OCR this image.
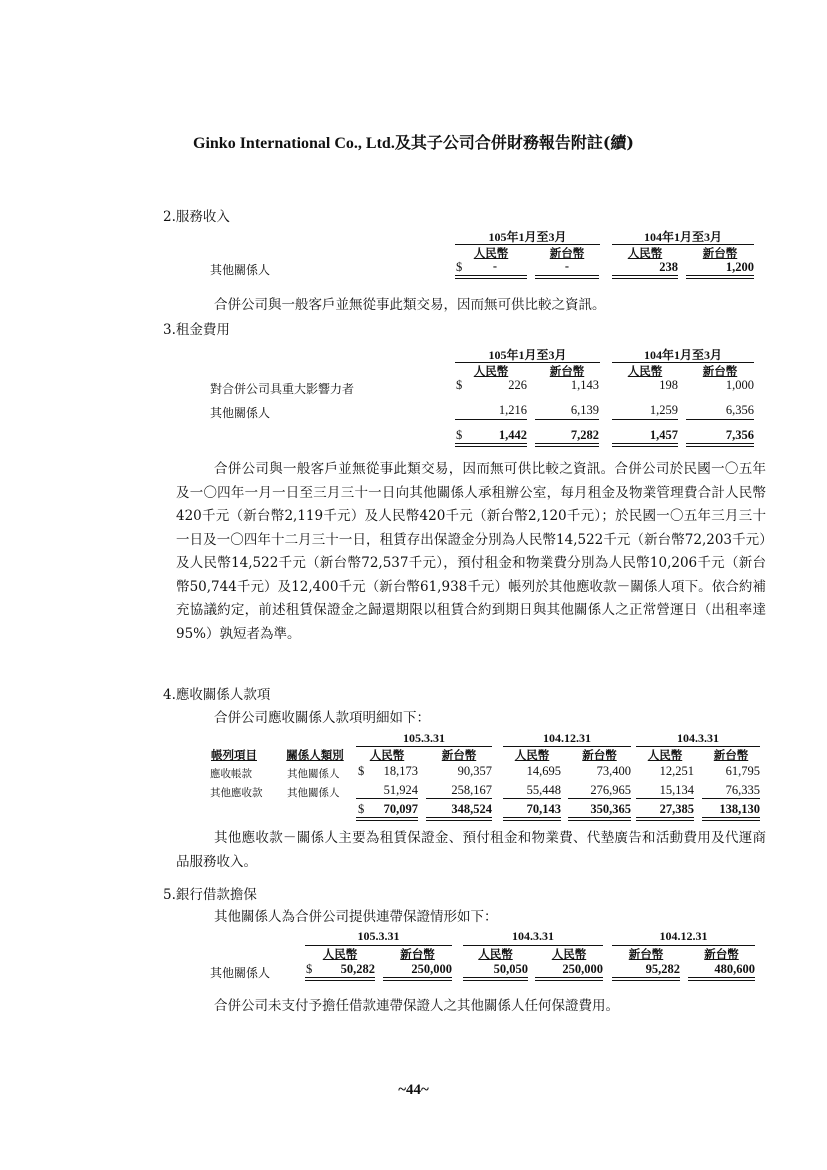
Ginko International Co., Ltd.及其子公司合併財務報告附註(續)
2.服務收入
105年1月至3月	104年1月至3月
人民幣	新台幣	人民幣	新台幣
其他關係人	$	-	-	238	1,200
合併公司與一般客戶並無從事此類交易，因而無可供比較之資訊。
3.租金費用
105年1月至3月	104年1月至3月
人民幣	新台幣	人民幣	新台幣
對合併公司具重大影響力者	$	226	1,143	198	1,000
其他關係人	1,216	6,139	1,259	6,356
$	1,442	7,282	1,457	7,356
合併公司與一般客戶並無從事此類交易，因而無可供比較之資訊。合併公司於民國一〇五年及一〇四年一月一日至三月三十一日向其他關係人承租辦公室，每月租金及物業管理費合計人民幣420千元（新台幣2,119千元）及人民幣420千元（新台幣2,120千元）；於民國一〇五年三月三十一日及一〇四年十二月三十一日，租賃存出保證金分別為人民幣14,522千元（新台幣72,203千元）及人民幣14,522千元（新台幣72,537千元），預付租金和物業費分別為人民幣10,206千元（新台幣50,744千元）及12,400千元（新台幣61,938千元）帳列於其他應收款－關係人項下。依合約補充協議約定，前述租賃保證金之歸還期限以租賃合約到期日與其他關係人之正常營運日（出租率達95%）孰短者為準。
4.應收關係人款項
合併公司應收關係人款項明細如下：
105.3.31	104.12.31	104.3.31
帳列項目	關係人類別	人民幣	新台幣	人民幣	新台幣	人民幣	新台幣
應收帳款	其他關係人 $	18,173	90,357	14,695	73,400	12,251	61,795
其他應收款 其他關係人	51,924	258,167	55,448	276,965	15,134	76,335
$	70,097	348,524	70,143	350,365	27,385	138,130
其他應收款－關係人主要為租賃保證金、預付租金和物業費、代墊廣告和活動費用及代運商品服務收入。
5.銀行借款擔保
其他關係人為合併公司提供連帶保證情形如下：
105.3.31	104.3.31	104.12.31
人民幣	新台幣	人民幣	人民幣	新台幣	新台幣
其他關係人	$	50,282	250,000	50,050	250,000	95,282	480,600
合併公司未支付予擔任借款連帶保證人之其他關係人任何保證費用。
~44~
